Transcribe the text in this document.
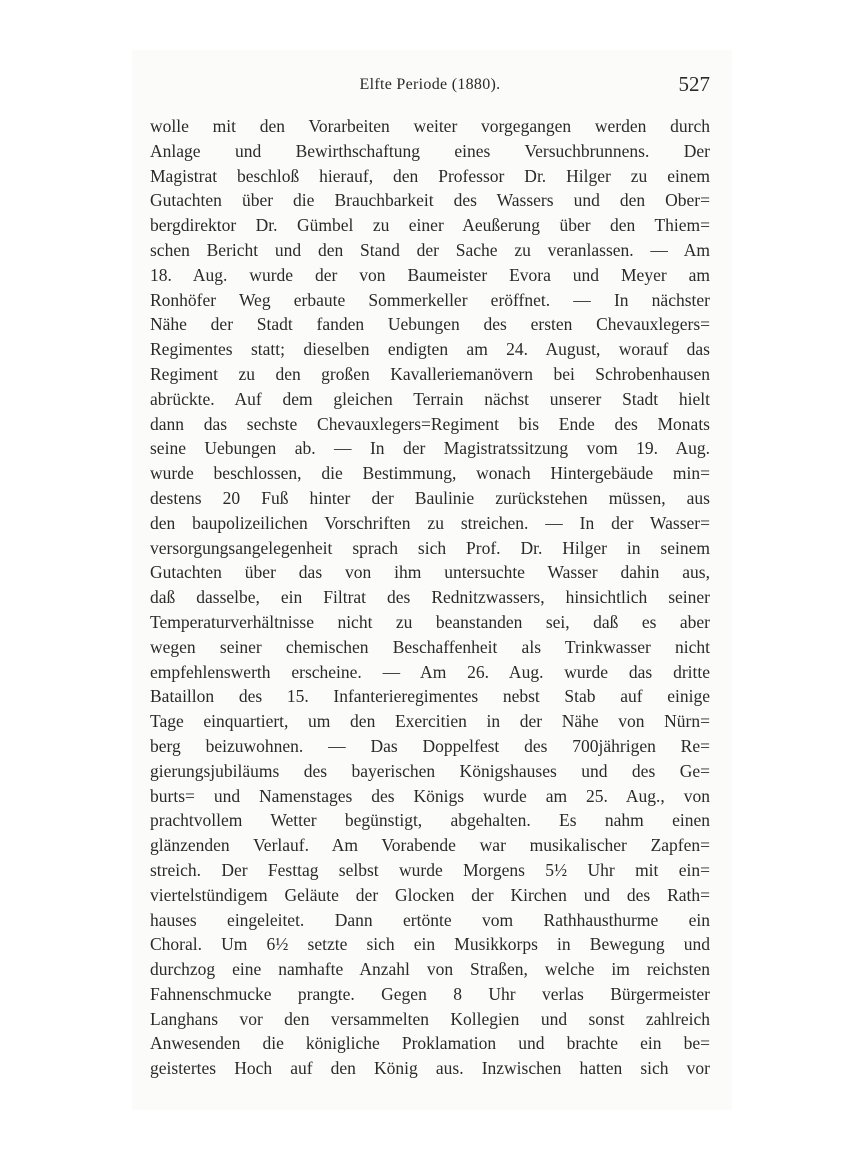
Elfte Periode (1880).	527
wolle mit den Vorarbeiten weiter vorgegangen werden durch
Anlage und Bewirthschaftung eines Versuchbrunnens. Der
Magistrat beschloß hierauf, den Professor Dr. Hilger zu einem
Gutachten über die Brauchbarkeit des Wassers und den Ober=
bergdirektor Dr. Gümbel zu einer Aeußerung über den Thiem=
schen Bericht und den Stand der Sache zu veranlassen. — Am
18. Aug. wurde der von Baumeister Evora und Meyer am
Ronhöfer Weg erbaute Sommerkeller eröffnet. — In nächster
Nähe der Stadt fanden Uebungen des ersten Chevauxlegers=
Regimentes statt; dieselben endigten am 24. August, worauf das
Regiment zu den großen Kavalleriemanövern bei Schrobenhausen
abrückte. Auf dem gleichen Terrain nächst unserer Stadt hielt
dann das sechste Chevauxlegers=Regiment bis Ende des Monats
seine Uebungen ab. — In der Magistratssitzung vom 19. Aug.
wurde beschlossen, die Bestimmung, wonach Hintergebäude min=
destens 20 Fuß hinter der Baulinie zurückstehen müssen, aus
den baupolizeilichen Vorschriften zu streichen. — In der Wasser=
versorgungsangelegenheit sprach sich Prof. Dr. Hilger in seinem
Gutachten über das von ihm untersuchte Wasser dahin aus,
daß dasselbe, ein Filtrat des Rednitzwassers, hinsichtlich seiner
Temperaturverhältnisse nicht zu beanstanden sei, daß es aber
wegen seiner chemischen Beschaffenheit als Trinkwasser nicht
empfehlenswerth erscheine. — Am 26. Aug. wurde das dritte
Bataillon des 15. Infanterieregimentes nebst Stab auf einige
Tage einquartiert, um den Exercitien in der Nähe von Nürn=
berg beizuwohnen. — Das Doppelfest des 700jährigen Re=
gierungsjubiläums des bayerischen Königshauses und des Ge=
burts= und Namenstages des Königs wurde am 25. Aug., von
prachtvollem Wetter begünstigt, abgehalten. Es nahm einen
glänzenden Verlauf. Am Vorabende war musikalischer Zapfen=
streich. Der Festtag selbst wurde Morgens 5½ Uhr mit ein=
viertelstündigem Geläute der Glocken der Kirchen und des Rath=
hauses eingeleitet. Dann ertönte vom Rathhausthurme ein
Choral. Um 6½ setzte sich ein Musikkorps in Bewegung und
durchzog eine namhafte Anzahl von Straßen, welche im reichsten
Fahnenschmucke prangte. Gegen 8 Uhr verlas Bürgermeister
Langhans vor den versammelten Kollegien und sonst zahlreich
Anwesenden die königliche Proklamation und brachte ein be=
geistertes Hoch auf den König aus. Inzwischen hatten sich vor
